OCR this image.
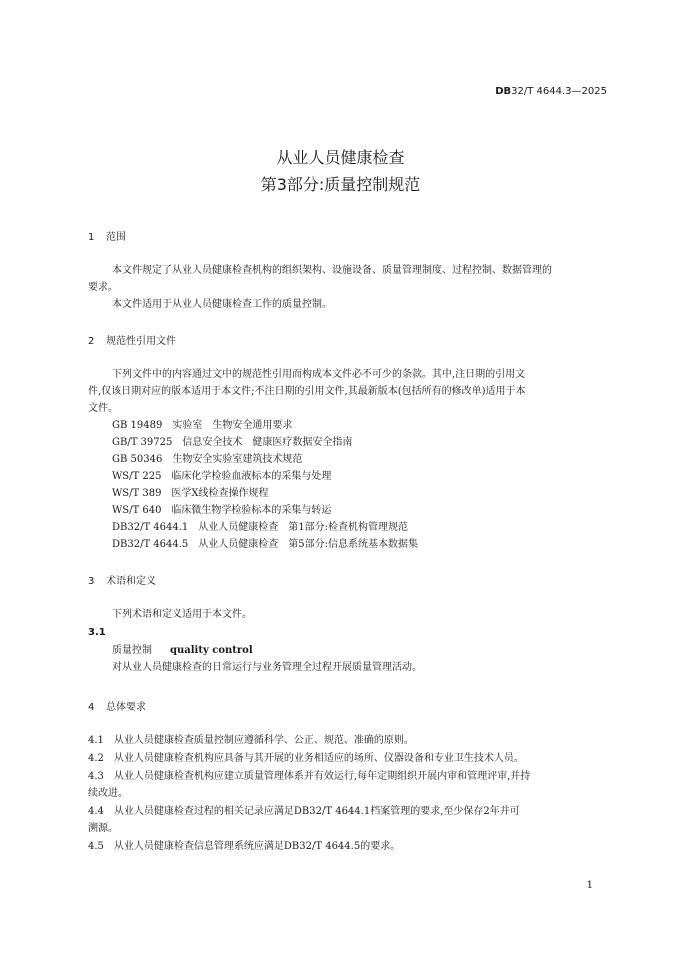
DB32/T 4644.3—2025
从业人员健康检查
第3部分:质量控制规范
1 范围
本文件规定了从业人员健康检查机构的组织架构、设施设备、质量管理制度、过程控制、数据管理的
要求。
本文件适用于从业人员健康检查工作的质量控制。
2 规范性引用文件
下列文件中的内容通过文中的规范性引用而构成本文件必不可少的条款。其中,注日期的引用文
件,仅该日期对应的版本适用于本文件;不注日期的引用文件,其最新版本(包括所有的修改单)适用于本
文件。
GB 19489　实验室　生物安全通用要求
GB/T 39725　信息安全技术　健康医疗数据安全指南
GB 50346　生物安全实验室建筑技术规范
WS/T 225　临床化学检验血液标本的采集与处理
WS/T 389　医学X线检查操作规程
WS/T 640　临床微生物学检验标本的采集与转运
DB32/T 4644.1　从业人员健康检查　第1部分:检查机构管理规范
DB32/T 4644.5　从业人员健康检查　第5部分:信息系统基本数据集
3 术语和定义
下列术语和定义适用于本文件。
3.1
质量控制 quality control
对从业人员健康检查的日常运行与业务管理全过程开展质量管理活动。
4 总体要求
4.1　从业人员健康检查质量控制应遵循科学、公正、规范、准确的原则。
4.2　从业人员健康检查机构应具备与其开展的业务相适应的场所、仪器设备和专业卫生技术人员。
4.3　从业人员健康检查机构应建立质量管理体系并有效运行,每年定期组织开展内审和管理评审,并持
续改进。
4.4　从业人员健康检查过程的相关记录应满足DB32/T 4644.1档案管理的要求,至少保存2年并可
溯源。
4.5　从业人员健康检查信息管理系统应满足DB32/T 4644.5的要求。
1
